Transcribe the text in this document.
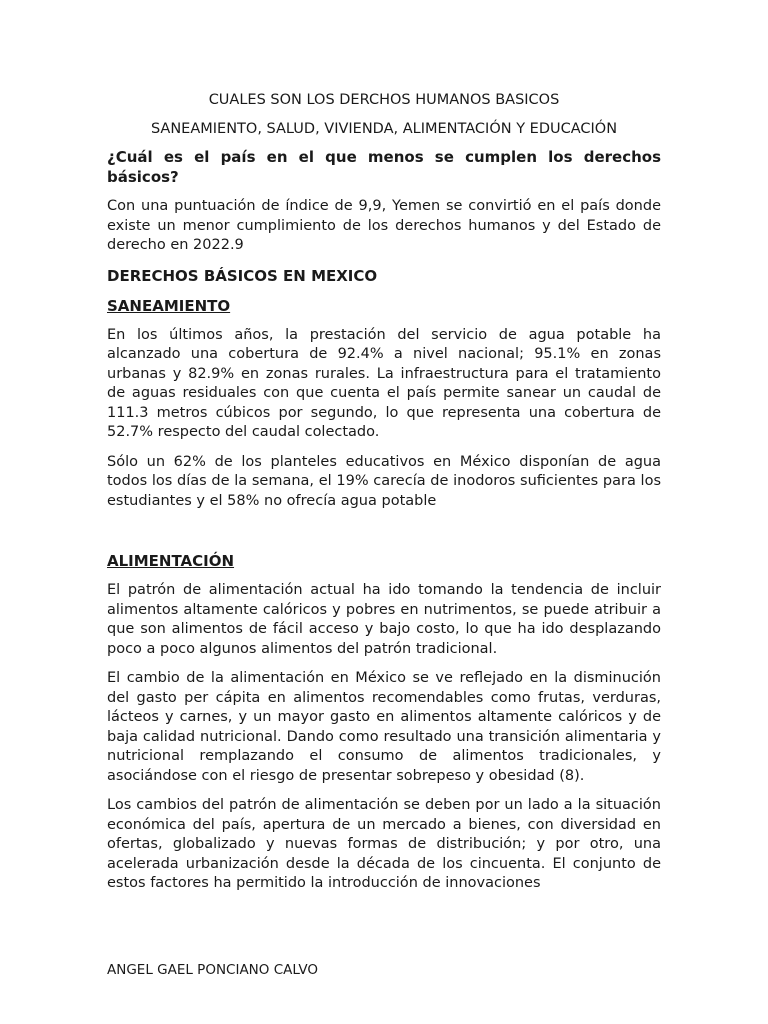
CUALES SON LOS DERCHOS HUMANOS BASICOS

SANEAMIENTO, SALUD, VIVIENDA, ALIMENTACIÓN Y EDUCACIÓN

¿Cuál es el país en el que menos se cumplen los derechos básicos?

Con una puntuación de índice de 9,9, Yemen se convirtió en el país donde existe un menor cumplimiento de los derechos humanos y del Estado de derecho en 2022.9

DERECHOS BÁSICOS EN MEXICO

SANEAMIENTO

En los últimos años, la prestación del servicio de agua potable ha alcanzado una cobertura de 92.4% a nivel nacional; 95.1% en zonas urbanas y 82.9% en zonas rurales. La infraestructura para el tratamiento de aguas residuales con que cuenta el país permite sanear un caudal de 111.3 metros cúbicos por segundo, lo que representa una cobertura de 52.7% respecto del caudal colectado.

Sólo un 62% de los planteles educativos en México disponían de agua todos los días de la semana, el 19% carecía de inodoros suficientes para los estudiantes y el 58% no ofrecía agua potable

ALIMENTACIÓN

El patrón de alimentación actual ha ido tomando la tendencia de incluir alimentos altamente calóricos y pobres en nutrimentos, se puede atribuir a que son alimentos de fácil acceso y bajo costo, lo que ha ido desplazando poco a poco algunos alimentos del patrón tradicional.

El cambio de la alimentación en México se ve reflejado en la disminución del gasto per cápita en alimentos recomendables como frutas, verduras, lácteos y carnes, y un mayor gasto en alimentos altamente calóricos y de baja calidad nutricional. Dando como resultado una transición alimentaria y nutricional remplazando el consumo de alimentos tradicionales, y asociándose con el riesgo de presentar sobrepeso y obesidad (8).

Los cambios del patrón de alimentación se deben por un lado a la situación económica del país, apertura de un mercado a bienes, con diversidad en ofertas, globalizado y nuevas formas de distribución; y por otro, una acelerada urbanización desde la década de los cincuenta. El conjunto de estos factores ha permitido la introducción de innovaciones

ANGEL GAEL PONCIANO CALVO
